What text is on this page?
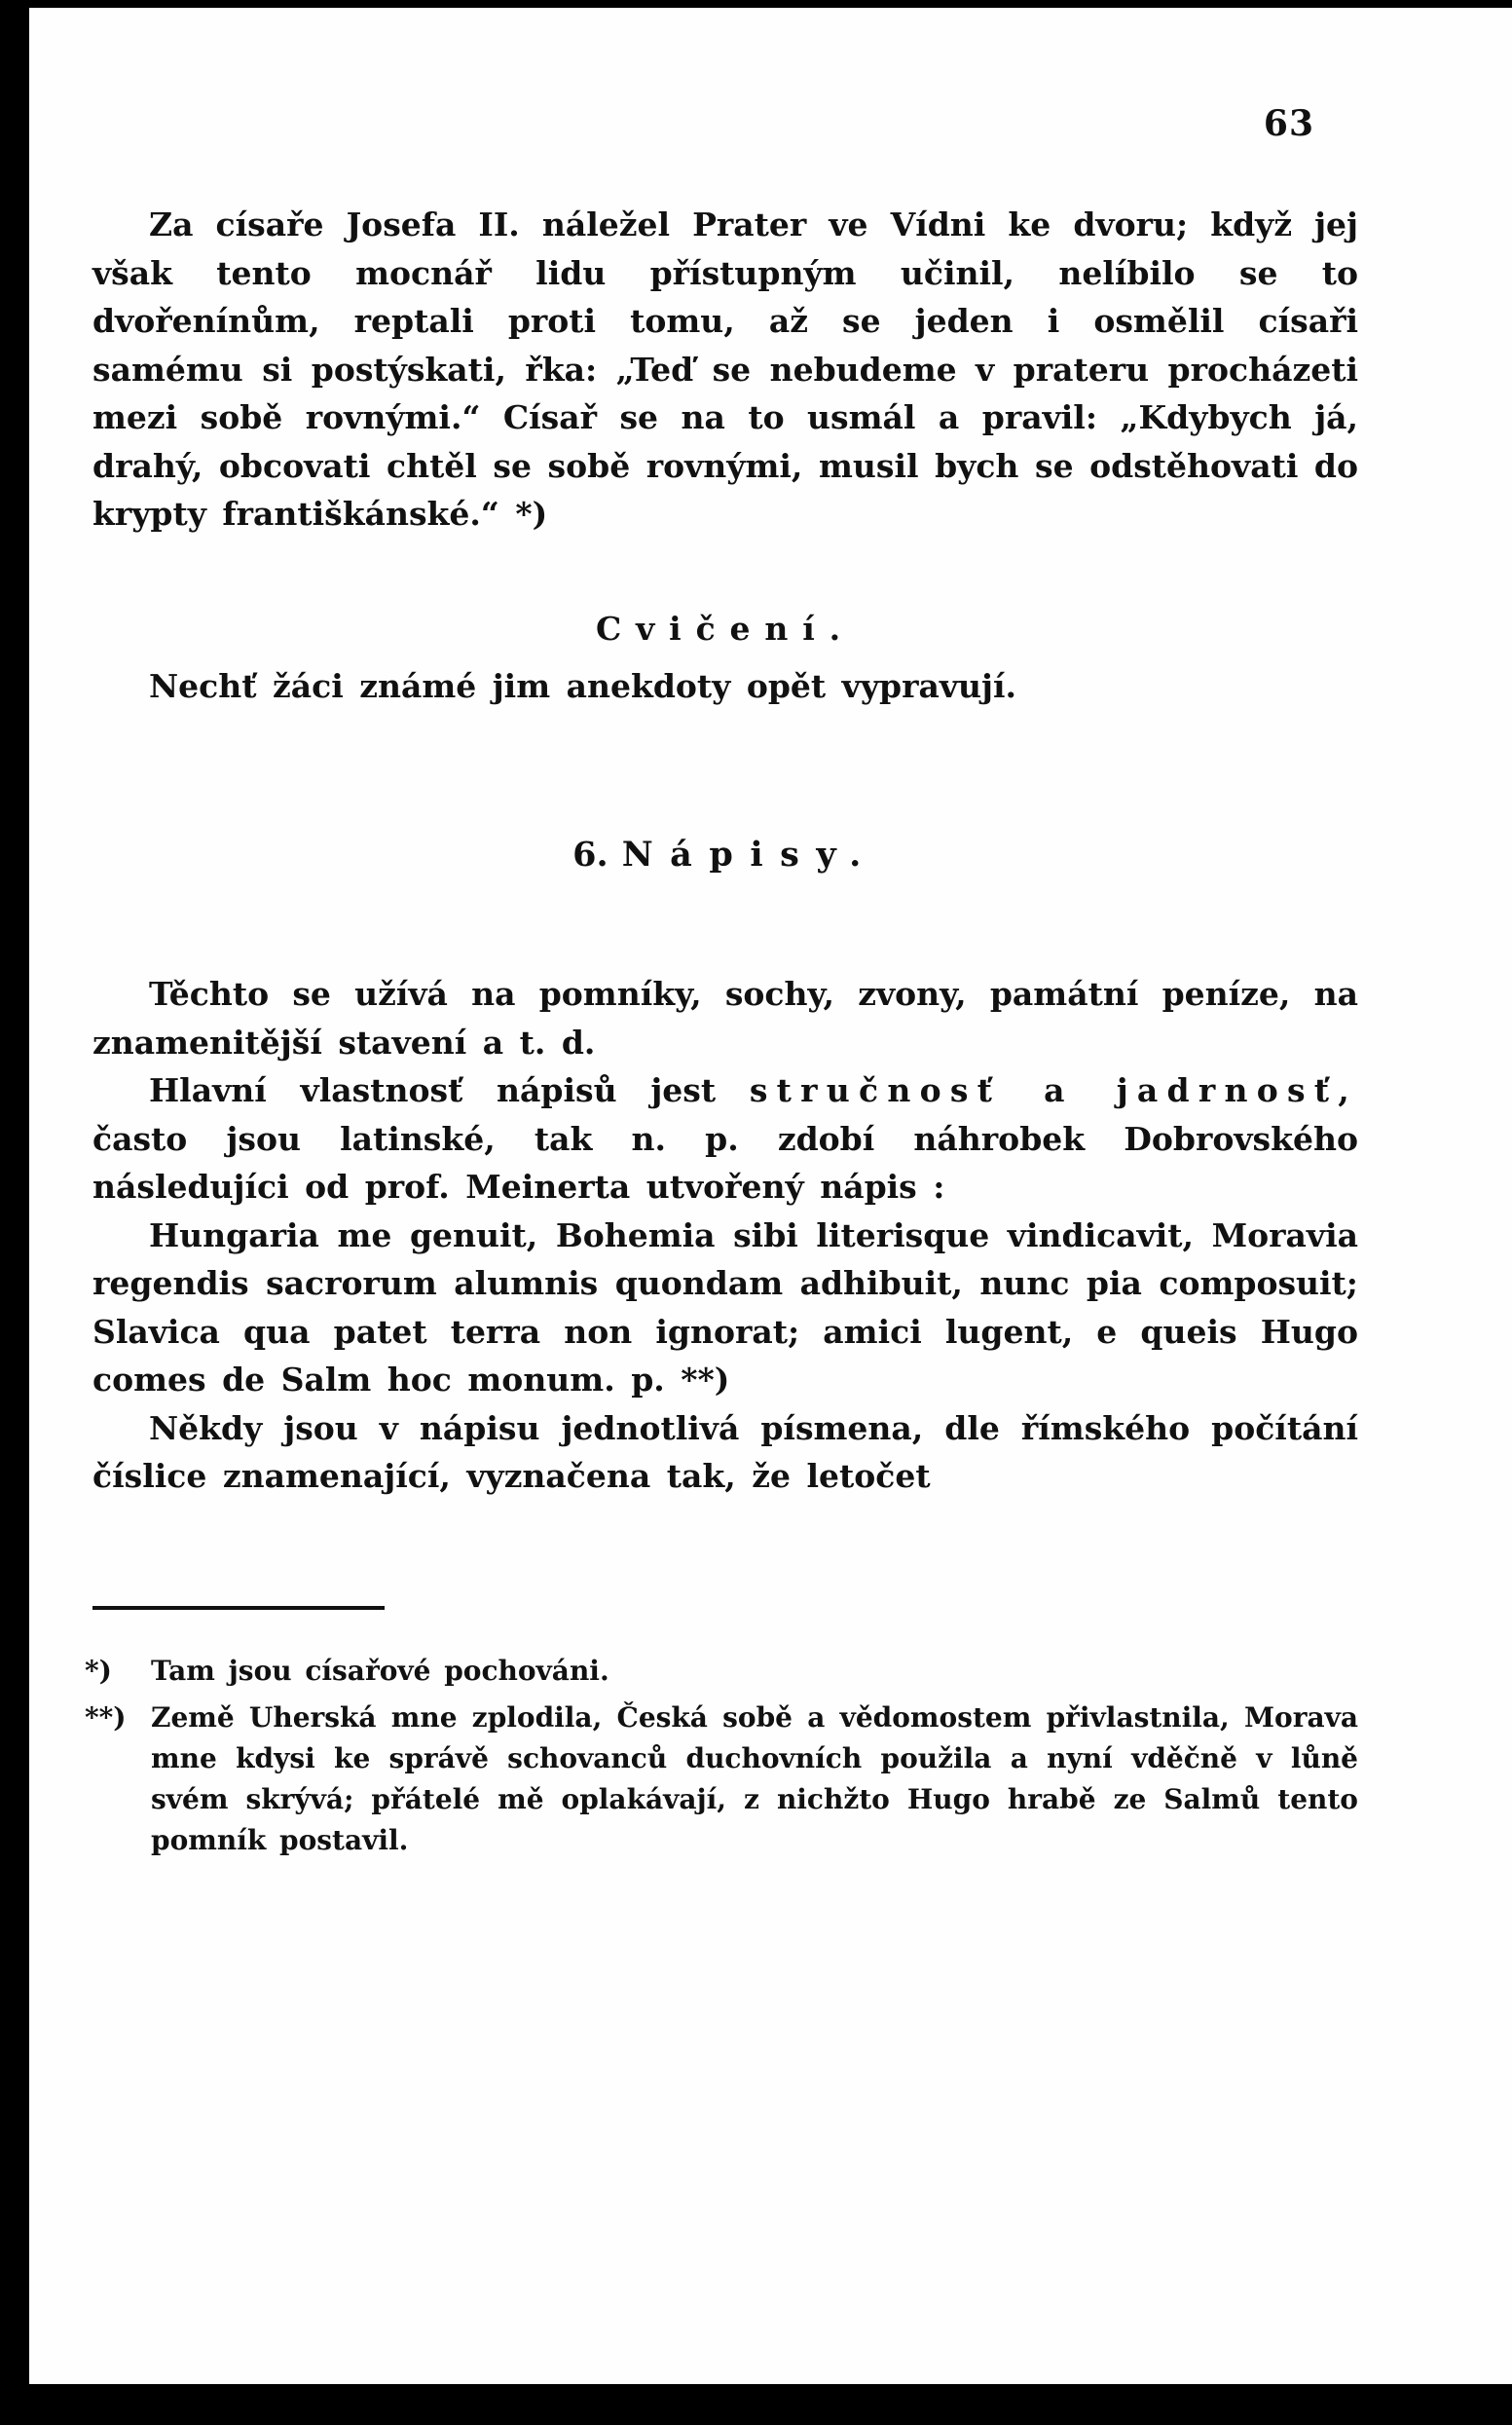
63

Za císaře Josefa II. náležel Prater ve Vídni ke dvoru; když jej však tento mocnář lidu přístupným učinil, nelíbilo se to dvořenínům, reptali proti tomu, až se jeden i osmělil císaři samému si postýskati, řka: „Teď se nebudeme v prateru procházeti mezi sobě rovnými.“ Císař se na to usmál a pravil: „Kdybych já, drahý, obcovati chtěl se sobě rovnými, musil bych se odstěhovati do krypty františkánské.“ *)

Cvičení.

Nechť žáci známé jim anekdoty opět vypravují.

6. Nápisy.

Těchto se užívá na pomníky, sochy, zvony, památní peníze, na znamenitější stavení a t. d.

Hlavní vlastnosť nápisů jest stručnosť a jadrnosť, často jsou latinské, tak n. p. zdobí náhrobek Dobrovského následujíci od prof. Meinerta utvořený nápis :

Hungaria me genuit, Bohemia sibi literisque vindicavit, Moravia regendis sacrorum alumnis quondam adhibuit, nunc pia composuit; Slavica qua patet terra non ignorat; amici lugent, e queis Hugo comes de Salm hoc monum. p. **)

Někdy jsou v nápisu jednotlivá písmena, dle římského počítání číslice znamenající, vyznačena tak, že letočet

*) Tam jsou císařové pochováni.
**) Země Uherská mne zplodila, Česká sobě a vědomostem přivlastnila, Morava mne kdysi ke správě schovanců duchovních použila a nyní vděčně v lůně svém skrývá; přátelé mě oplakávají, z nichžto Hugo hrabě ze Salmů tento pomník postavil.
